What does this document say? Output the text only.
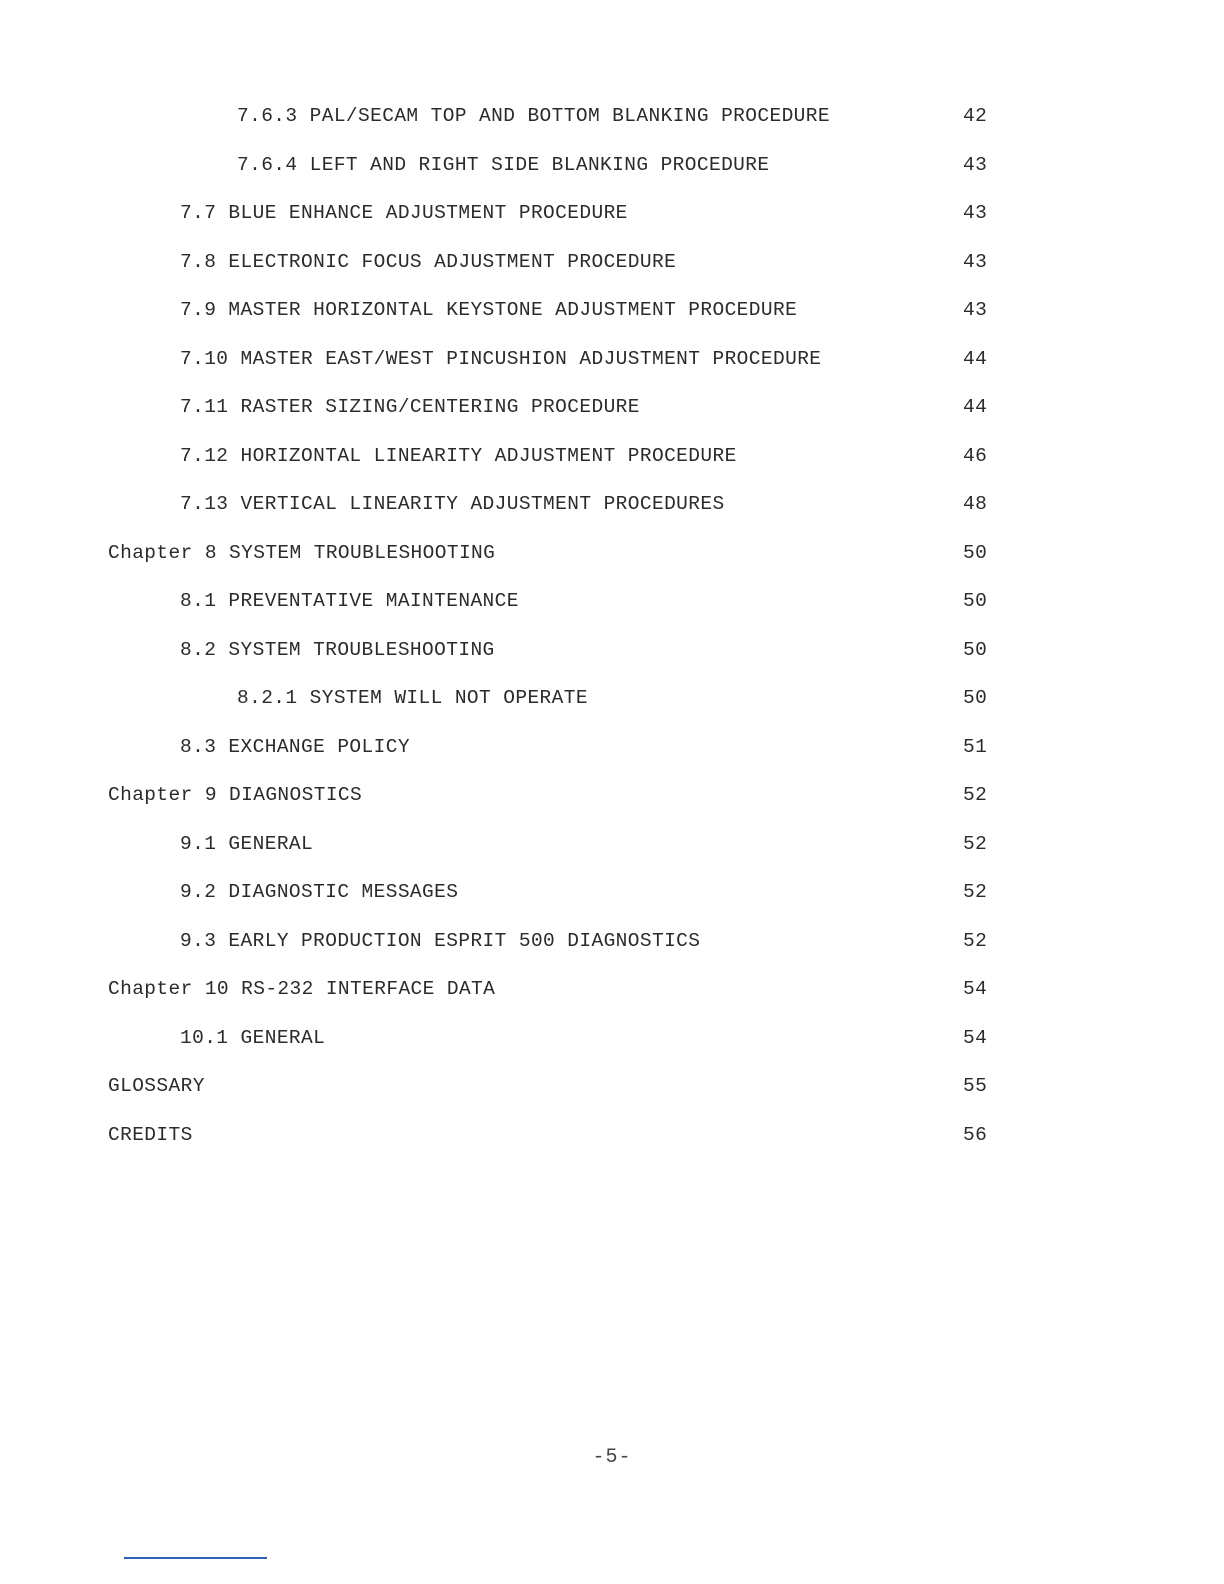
7.6.3 PAL/SECAM TOP AND BOTTOM BLANKING PROCEDURE	42
7.6.4 LEFT AND RIGHT SIDE BLANKING PROCEDURE	43
7.7 BLUE ENHANCE ADJUSTMENT PROCEDURE	43
7.8 ELECTRONIC FOCUS ADJUSTMENT PROCEDURE	43
7.9 MASTER HORIZONTAL KEYSTONE ADJUSTMENT PROCEDURE	43
7.10 MASTER EAST/WEST PINCUSHION ADJUSTMENT PROCEDURE	44
7.11 RASTER SIZING/CENTERING PROCEDURE	44
7.12 HORIZONTAL LINEARITY ADJUSTMENT PROCEDURE	46
7.13 VERTICAL LINEARITY ADJUSTMENT PROCEDURES	48
Chapter 8 SYSTEM TROUBLESHOOTING	50
8.1 PREVENTATIVE MAINTENANCE	50
8.2 SYSTEM TROUBLESHOOTING	50
8.2.1 SYSTEM WILL NOT OPERATE	50
8.3 EXCHANGE POLICY	51
Chapter 9 DIAGNOSTICS	52
9.1 GENERAL	52
9.2 DIAGNOSTIC MESSAGES	52
9.3 EARLY PRODUCTION ESPRIT 500 DIAGNOSTICS	52
Chapter 10 RS-232 INTERFACE DATA	54
10.1 GENERAL	54
GLOSSARY	55
CREDITS	56
-5-
